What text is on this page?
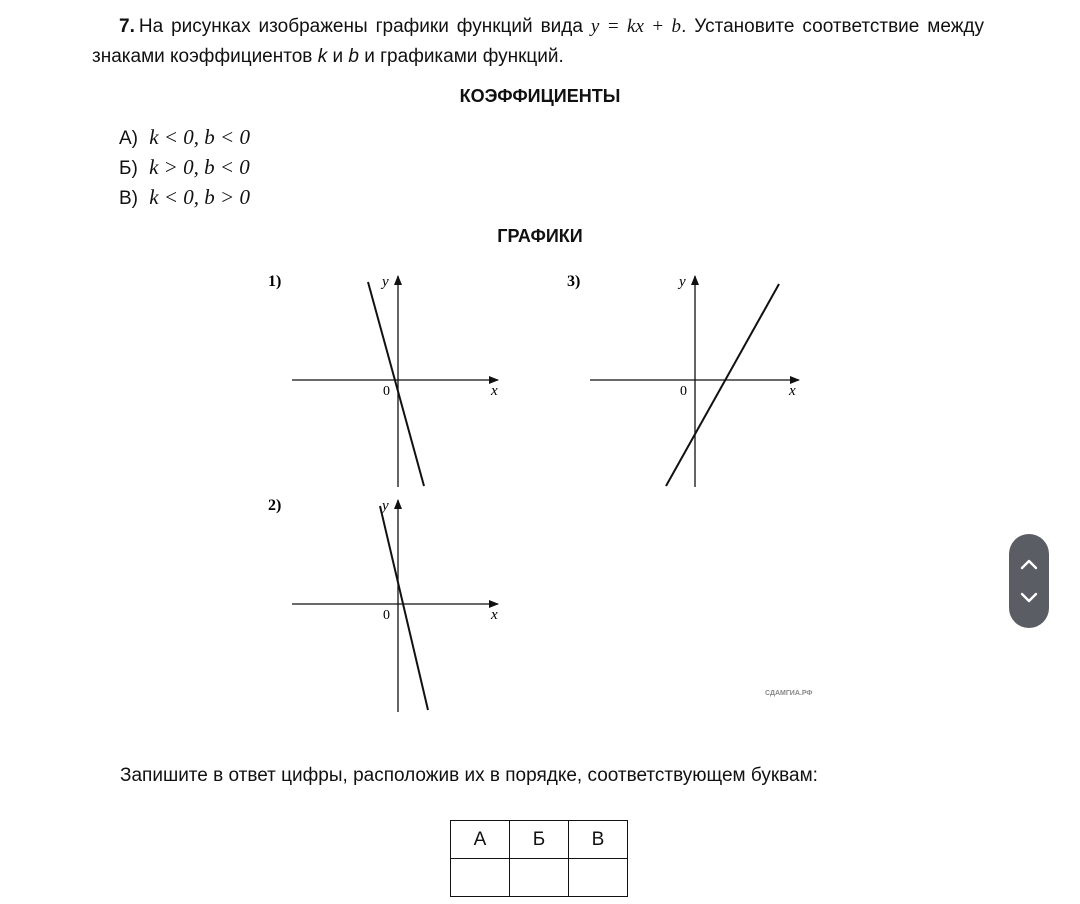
7. На рисунках изображены графики функций вида y = kx + b. Установите соответствие между знаками коэффициентов k и b и графиками функций.
КОЭФФИЦИЕНТЫ
А) k < 0, b < 0
Б) k > 0, b < 0
В) k < 0, b > 0
ГРАФИКИ
1)	y
x
0
3)	y
x
0
2)	y
x
0
СДАМГИА.РФ
Запишите в ответ цифры, расположив их в порядке, соответствующем буквам:
А	Б	В
